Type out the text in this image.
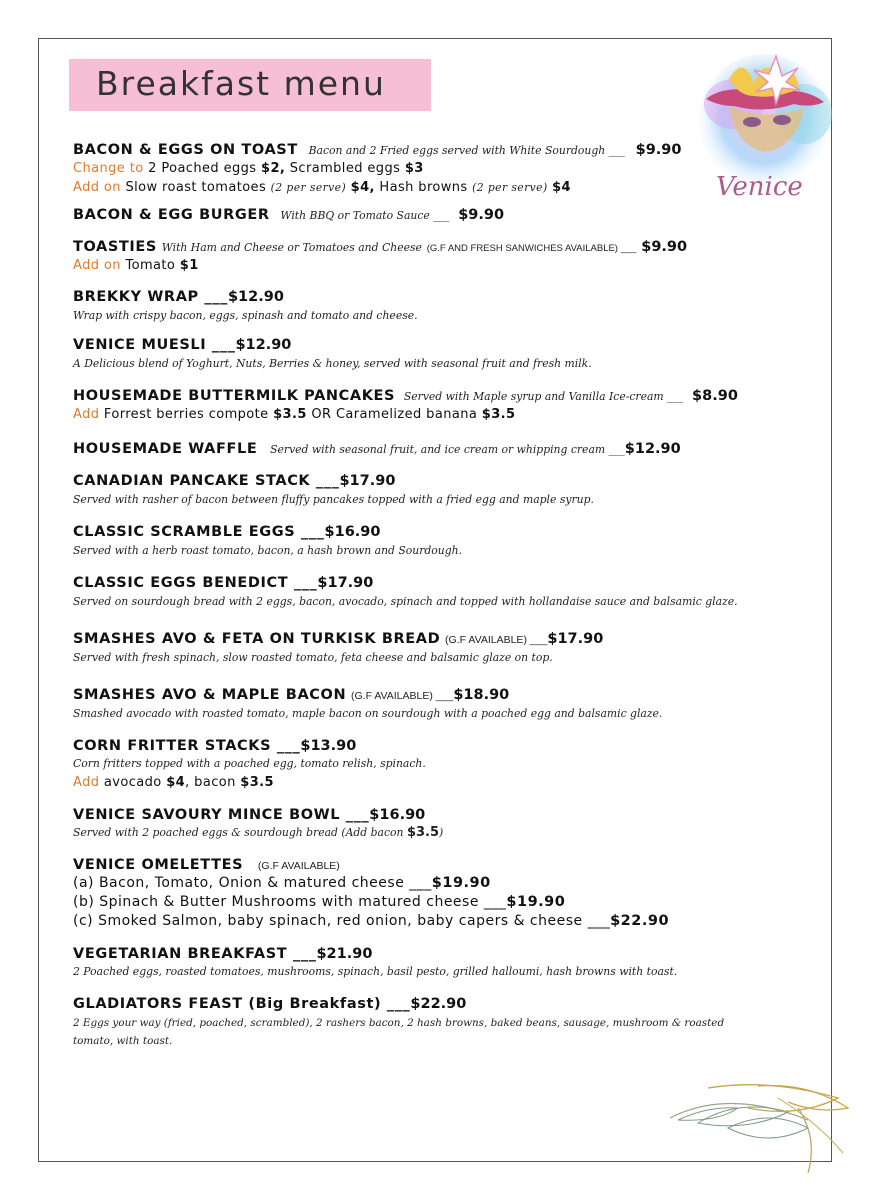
Breakfast menu
Venice
BACON & EGGS ON TOAST Bacon and 2 Fried eggs served with White Sourdough ___ $9.90
Change to 2 Poached eggs $2, Scrambled eggs $3
Add on Slow roast tomatoes (2 per serve) $4, Hash browns (2 per serve) $4
BACON & EGG BURGER With BBQ or Tomato Sauce ___ $9.90
TOASTIES With Ham and Cheese or Tomatoes and Cheese (G.F AND FRESH SANWICHES AVAILABLE) ___ $9.90
Add on Tomato $1
BREKKY WRAP ___$12.90
Wrap with crispy bacon, eggs, spinash and tomato and cheese.
VENICE MUESLI ___$12.90
A Delicious blend of Yoghurt, Nuts, Berries & honey, served with seasonal fruit and fresh milk.
HOUSEMADE BUTTERMILK PANCAKES Served with Maple syrup and Vanilla Ice-cream ___ $8.90
Add Forrest berries compote $3.5 OR Caramelized banana $3.5
HOUSEMADE WAFFLE Served with seasonal fruit, and ice cream or whipping cream ___$12.90
CANADIAN PANCAKE STACK ___$17.90
Served with rasher of bacon between fluffy pancakes topped with a fried egg and maple syrup.
CLASSIC SCRAMBLE EGGS ___$16.90
Served with a herb roast tomato, bacon, a hash brown and Sourdough.
CLASSIC EGGS BENEDICT ___$17.90
Served on sourdough bread with 2 eggs, bacon, avocado, spinach and topped with hollandaise sauce and balsamic glaze.
SMASHES AVO & FETA ON TURKISK BREAD (G.F AVAILABLE) ___$17.90
Served with fresh spinach, slow roasted tomato, feta cheese and balsamic glaze on top.
SMASHES AVO & MAPLE BACON (G.F AVAILABLE) ___$18.90
Smashed avocado with roasted tomato, maple bacon on sourdough with a poached egg and balsamic glaze.
CORN FRITTER STACKS ___$13.90
Corn fritters topped with a poached egg, tomato relish, spinach.
Add avocado $4, bacon $3.5
VENICE SAVOURY MINCE BOWL ___$16.90
Served with 2 poached eggs & sourdough bread (Add bacon $3.5)
VENICE OMELETTES (G.F AVAILABLE)
(a) Bacon, Tomato, Onion & matured cheese ___$19.90
(b) Spinach & Butter Mushrooms with matured cheese ___$19.90
(c) Smoked Salmon, baby spinach, red onion, baby capers & cheese ___$22.90
VEGETARIAN BREAKFAST ___$21.90
2 Poached eggs, roasted tomatoes, mushrooms, spinach, basil pesto, grilled halloumi, hash browns with toast.
GLADIATORS FEAST (Big Breakfast) ___$22.90
2 Eggs your way (fried, poached, scrambled), 2 rashers bacon, 2 hash browns, baked beans, sausage, mushroom & roasted
tomato, with toast.
